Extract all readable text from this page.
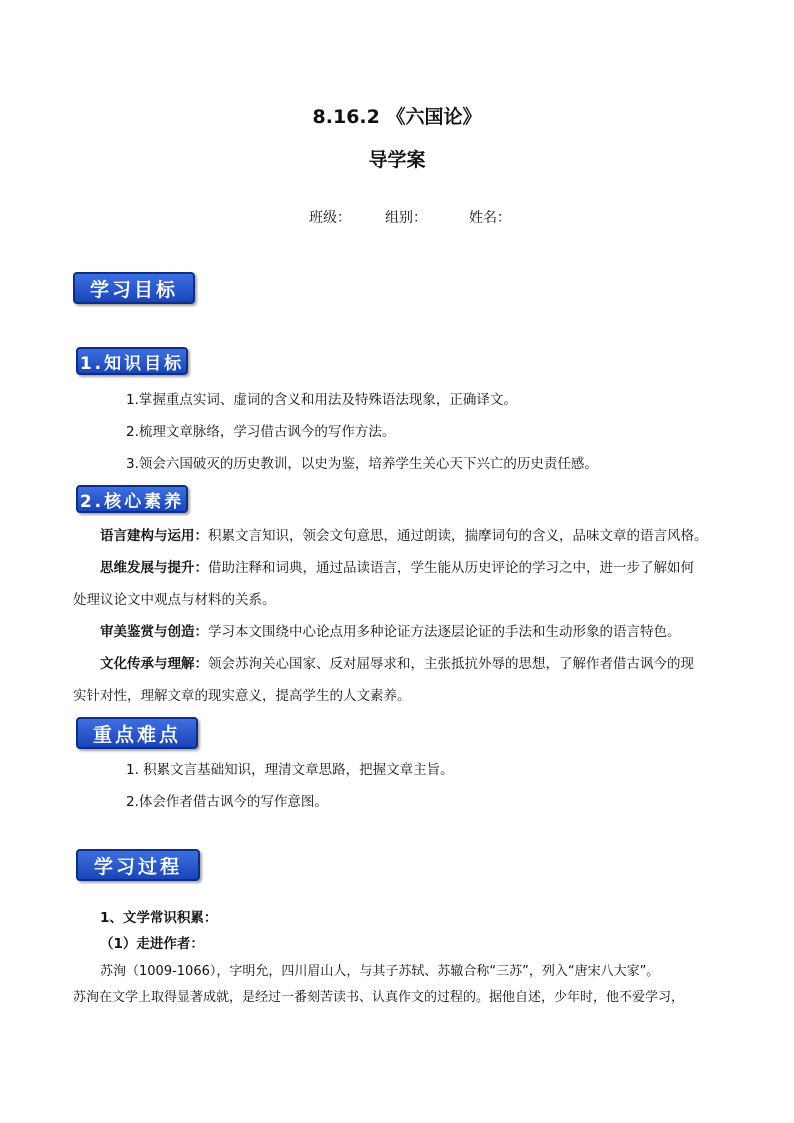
8.16.2 《六国论》
导学案
班级： 组别：	姓名：
学习目标
1.知识目标
1.掌握重点实词、虚词的含义和用法及特殊语法现象，正确译文。
2.梳理文章脉络，学习借古讽今的写作方法。
3.领会六国破灭的历史教训，以史为鉴，培养学生关心天下兴亡的历史责任感。
2.核心素养
语言建构与运用：积累文言知识，领会文句意思，通过朗读，揣摩词句的含义，品味文章的语言风格。
思维发展与提升：借助注释和词典，通过品读语言，学生能从历史评论的学习之中，进一步了解如何
处理议论文中观点与材料的关系。
审美鉴赏与创造：学习本文围绕中心论点用多种论证方法逐层论证的手法和生动形象的语言特色。
文化传承与理解：领会苏洵关心国家、反对屈辱求和，主张抵抗外辱的思想，了解作者借古讽今的现
实针对性，理解文章的现实意义，提高学生的人文素养。
重点难点
1. 积累文言基础知识，理清文章思路，把握文章主旨。
2.体会作者借古讽今的写作意图。
学习过程
1、文学常识积累：
（1）走进作者：
苏洵（1009-1066），字明允，四川眉山人，与其子苏轼、苏辙合称“三苏”，列入“唐宋八大家”。
苏洵在文学上取得显著成就，是经过一番刻苦读书、认真作文的过程的。据他自述，少年时，他不爱学习，
